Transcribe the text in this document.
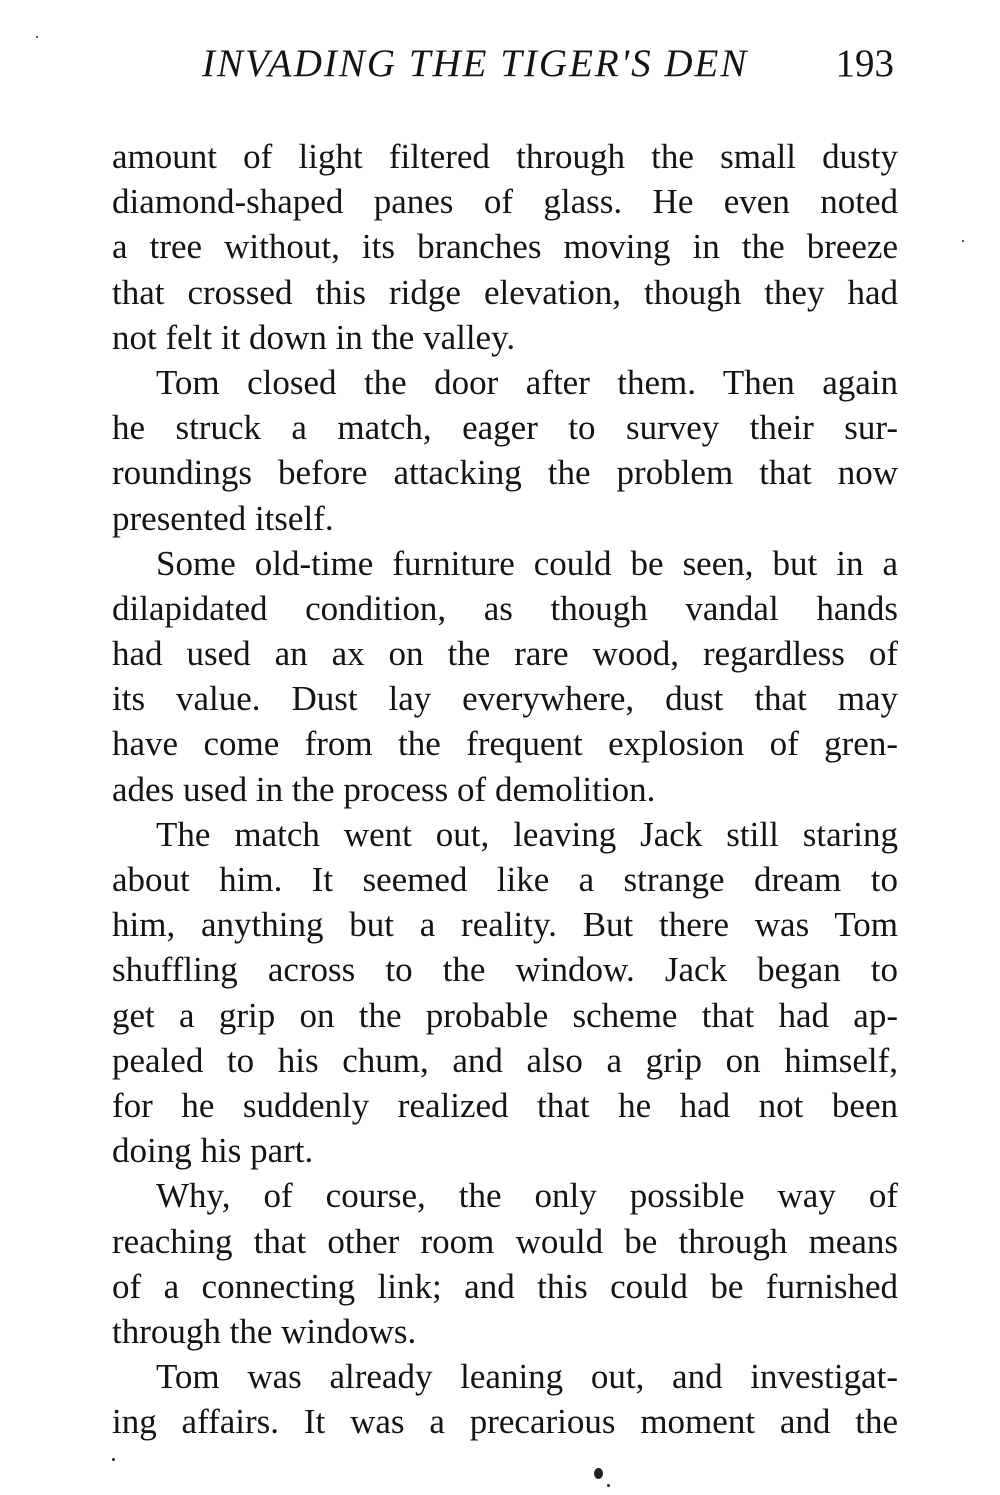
INVADING THE TIGER'S DEN 193
amount of light filtered through the small dusty
diamond-shaped panes of glass. He even noted
a tree without, its branches moving in the breeze
that crossed this ridge elevation, though they had
not felt it down in the valley.
Tom closed the door after them. Then again
he struck a match, eager to survey their sur-
roundings before attacking the problem that now
presented itself.
Some old-time furniture could be seen, but in a
dilapidated condition, as though vandal hands
had used an ax on the rare wood, regardless of
its value. Dust lay everywhere, dust that may
have come from the frequent explosion of gren-
ades used in the process of demolition.
The match went out, leaving Jack still staring
about him. It seemed like a strange dream to
him, anything but a reality. But there was Tom
shuffling across to the window. Jack began to
get a grip on the probable scheme that had ap-
pealed to his chum, and also a grip on himself,
for he suddenly realized that he had not been
doing his part.
Why, of course, the only possible way of
reaching that other room would be through means
of a connecting link; and this could be furnished
through the windows.
Tom was already leaning out, and investigat-
ing affairs. It was a precarious moment and the
